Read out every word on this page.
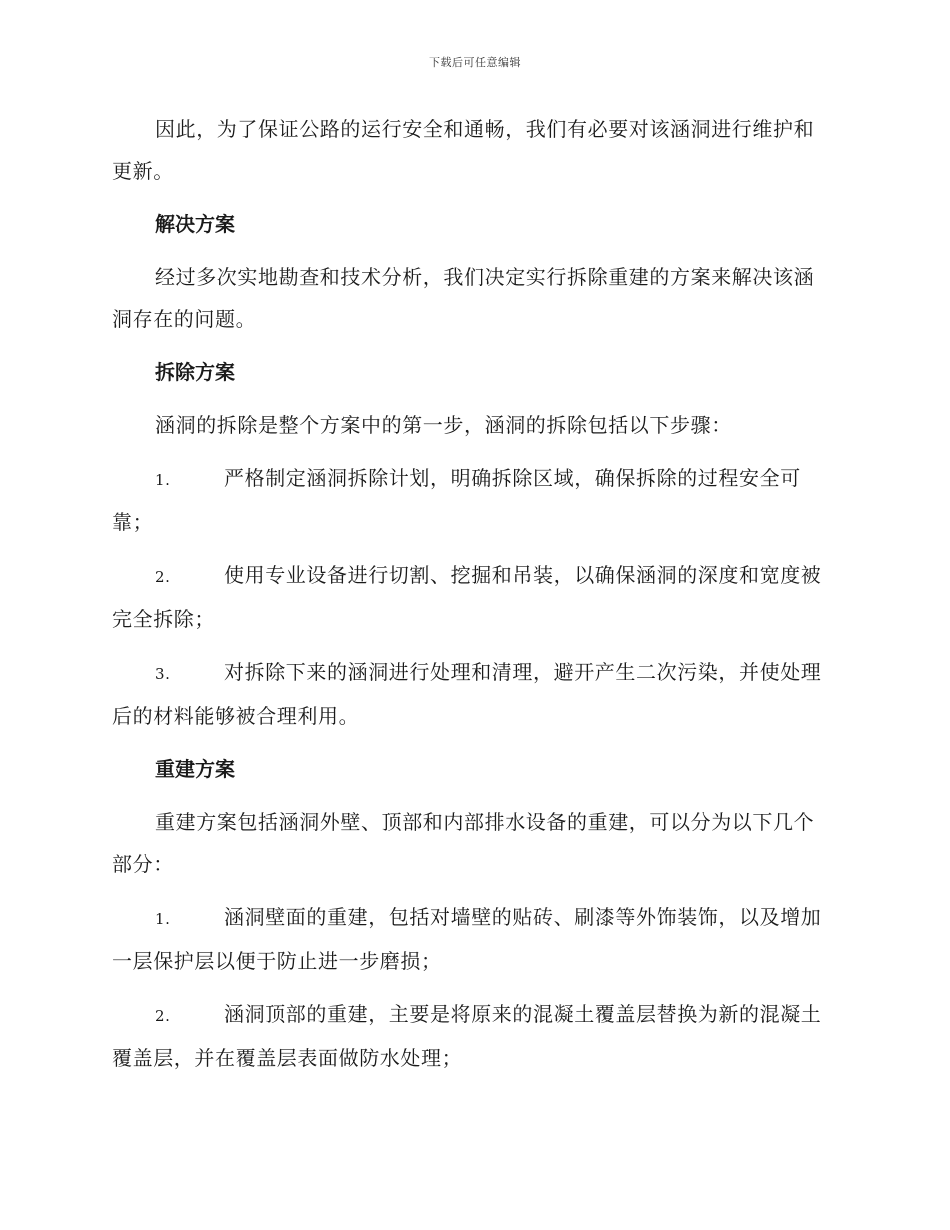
下载后可任意编辑

因此，为了保证公路的运行安全和通畅，我们有必要对该涵洞进行维护和更新。

解决方案

经过多次实地勘查和技术分析，我们决定实行拆除重建的方案来解决该涵洞存在的问题。

拆除方案

涵洞的拆除是整个方案中的第一步，涵洞的拆除包括以下步骤：

1.	严格制定涵洞拆除计划，明确拆除区域，确保拆除的过程安全可靠；

2.	使用专业设备进行切割、挖掘和吊装，以确保涵洞的深度和宽度被完全拆除；

3.	对拆除下来的涵洞进行处理和清理，避开产生二次污染，并使处理后的材料能够被合理利用。

重建方案

重建方案包括涵洞外壁、顶部和内部排水设备的重建，可以分为以下几个部分：

1.	涵洞壁面的重建，包括对墙壁的贴砖、刷漆等外饰装饰，以及增加一层保护层以便于防止进一步磨损；

2.	涵洞顶部的重建，主要是将原来的混凝土覆盖层替换为新的混凝土覆盖层，并在覆盖层表面做防水处理；
